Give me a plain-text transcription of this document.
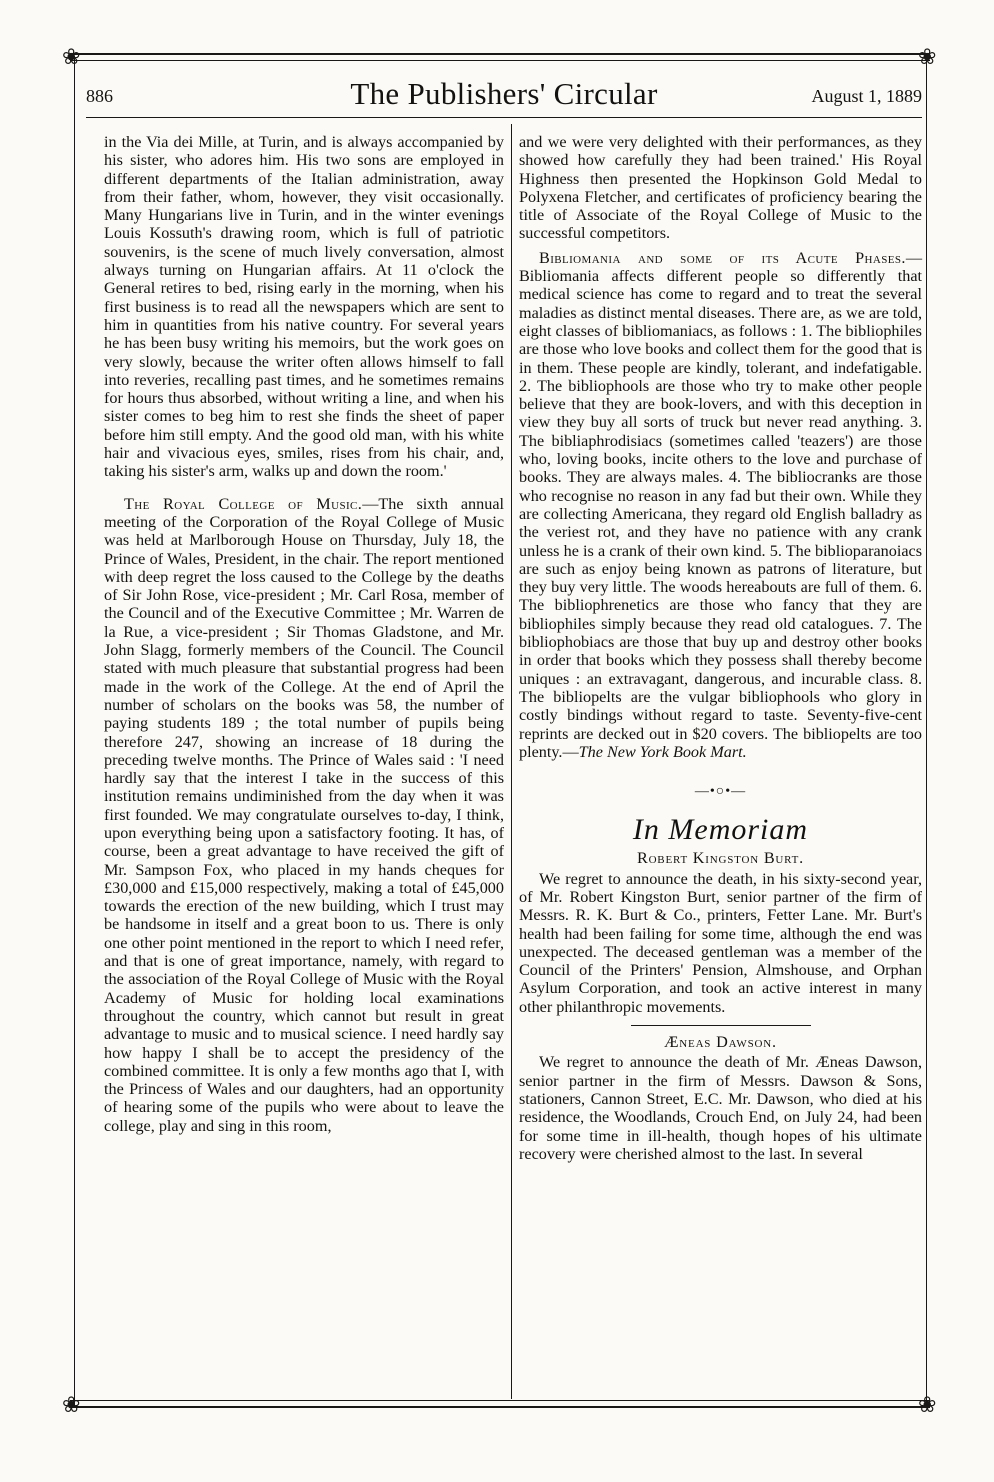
❀	❀
❀	❀
886	The Publishers' Circular	August 1, 1889

in the Via dei Mille, at Turin, and is always accompanied by his sister, who adores him. His two sons are employed in different departments of the Italian administration, away from their father, whom, however, they visit occasionally. Many Hungarians live in Turin, and in the winter evenings Louis Kossuth's drawing room, which is full of patriotic souvenirs, is the scene of much lively conversation, almost always turning on Hungarian affairs. At 11 o'clock the General retires to bed, rising early in the morning, when his first business is to read all the newspapers which are sent to him in quantities from his native country. For several years he has been busy writing his memoirs, but the work goes on very slowly, because the writer often allows himself to fall into reveries, recalling past times, and he sometimes remains for hours thus absorbed, without writing a line, and when his sister comes to beg him to rest she finds the sheet of paper before him still empty. And the good old man, with his white hair and vivacious eyes, smiles, rises from his chair, and, taking his sister's arm, walks up and down the room.'

The Royal College of Music.—The sixth annual meeting of the Corporation of the Royal College of Music was held at Marlborough House on Thursday, July 18, the Prince of Wales, President, in the chair. The report mentioned with deep regret the loss caused to the College by the deaths of Sir John Rose, vice-president ; Mr. Carl Rosa, member of the Council and of the Executive Committee ; Mr. Warren de la Rue, a vice-president ; Sir Thomas Gladstone, and Mr. John Slagg, formerly members of the Council. The Council stated with much pleasure that substantial progress had been made in the work of the College. At the end of April the number of scholars on the books was 58, the number of paying students 189 ; the total number of pupils being therefore 247, showing an increase of 18 during the preceding twelve months. The Prince of Wales said : 'I need hardly say that the interest I take in the success of this institution remains undiminished from the day when it was first founded. We may congratulate ourselves to-day, I think, upon everything being upon a satisfactory footing. It has, of course, been a great advantage to have received the gift of Mr. Sampson Fox, who placed in my hands cheques for £30,000 and £15,000 respectively, making a total of £45,000 towards the erection of the new building, which I trust may be handsome in itself and a great boon to us. There is only one other point mentioned in the report to which I need refer, and that is one of great importance, namely, with regard to the association of the Royal College of Music with the Royal Academy of Music for holding local examinations throughout the country, which cannot but result in great advantage to music and to musical science. I need hardly say how happy I shall be to accept the presidency of the combined committee. It is only a few months ago that I, with the Princess of Wales and our daughters, had an opportunity of hearing some of the pupils who were about to leave the college, play and sing in this room,

and we were very delighted with their performances, as they showed how carefully they had been trained.' His Royal Highness then presented the Hopkinson Gold Medal to Polyxena Fletcher, and certificates of proficiency bearing the title of Associate of the Royal College of Music to the successful competitors.

Bibliomania and some of its Acute Phases.—Bibliomania affects different people so differently that medical science has come to regard and to treat the several maladies as distinct mental diseases. There are, as we are told, eight classes of bibliomaniacs, as follows : 1. The bibliophiles are those who love books and collect them for the good that is in them. These people are kindly, tolerant, and indefatigable. 2. The bibliophools are those who try to make other people believe that they are book-lovers, and with this deception in view they buy all sorts of truck but never read anything. 3. The bibliaphrodisiacs (sometimes called 'teazers') are those who, loving books, incite others to the love and purchase of books. They are always males. 4. The bibliocranks are those who recognise no reason in any fad but their own. While they are collecting Americana, they regard old English balladry as the veriest rot, and they have no patience with any crank unless he is a crank of their own kind. 5. The biblioparanoiacs are such as enjoy being known as patrons of literature, but they buy very little. The woods hereabouts are full of them. 6. The bibliophrenetics are those who fancy that they are bibliophiles simply because they read old catalogues. 7. The bibliophobiacs are those that buy up and destroy other books in order that books which they possess shall thereby become uniques : an extravagant, dangerous, and incurable class. 8. The bibliopelts are the vulgar bibliophools who glory in costly bindings without regard to taste. Seventy-five-cent reprints are decked out in $20 covers. The bibliopelts are too plenty.—The New York Book Mart.

—•○•—
In Memoriam
Robert Kingston Burt.

We regret to announce the death, in his sixty-second year, of Mr. Robert Kingston Burt, senior partner of the firm of Messrs. R. K. Burt & Co., printers, Fetter Lane. Mr. Burt's health had been failing for some time, although the end was unexpected. The deceased gentleman was a member of the Council of the Printers' Pension, Almshouse, and Orphan Asylum Corporation, and took an active interest in many other philanthropic movements.

Æneas Dawson.

We regret to announce the death of Mr. Æneas Dawson, senior partner in the firm of Messrs. Dawson & Sons, stationers, Cannon Street, E.C. Mr. Dawson, who died at his residence, the Woodlands, Crouch End, on July 24, had been for some time in ill-health, though hopes of his ultimate recovery were cherished almost to the last. In several
